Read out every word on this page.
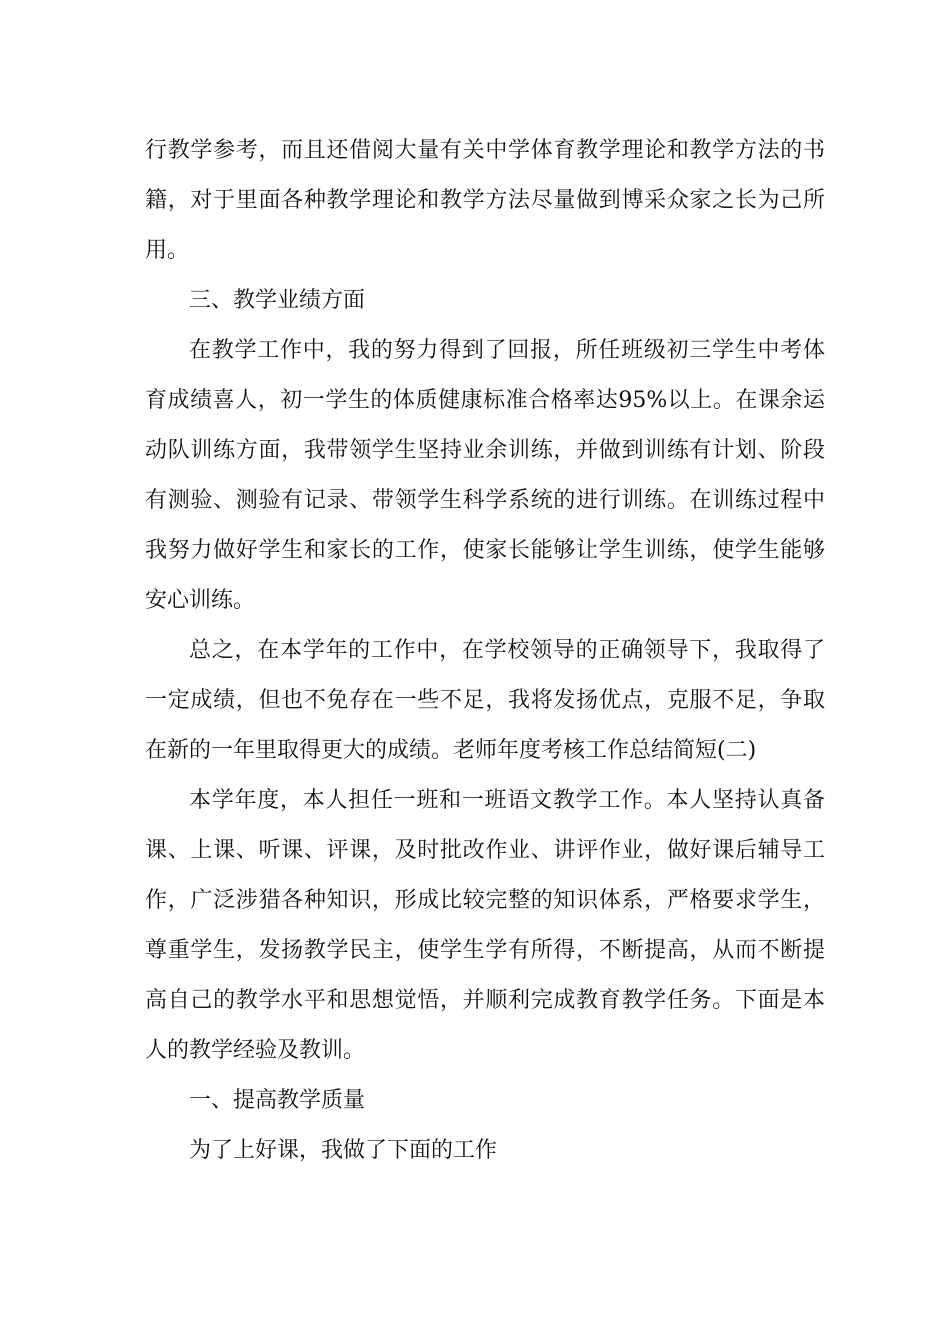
行教学参考，而且还借阅大量有关中学体育教学理论和教学方法的书籍，对于里面各种教学理论和教学方法尽量做到博采众家之长为己所用。

三、教学业绩方面

在教学工作中，我的努力得到了回报，所任班级初三学生中考体育成绩喜人，初一学生的体质健康标准合格率达95%以上。在课余运动队训练方面，我带领学生坚持业余训练，并做到训练有计划、阶段有测验、测验有记录、带领学生科学系统的进行训练。在训练过程中我努力做好学生和家长的工作，使家长能够让学生训练，使学生能够安心训练。

总之，在本学年的工作中，在学校领导的正确领导下，我取得了一定成绩，但也不免存在一些不足，我将发扬优点，克服不足，争取在新的一年里取得更大的成绩。老师年度考核工作总结简短(二)

本学年度，本人担任一班和一班语文教学工作。本人坚持认真备课、上课、听课、评课，及时批改作业、讲评作业，做好课后辅导工作，广泛涉猎各种知识，形成比较完整的知识体系，严格要求学生，尊重学生，发扬教学民主，使学生学有所得，不断提高，从而不断提高自己的教学水平和思想觉悟，并顺利完成教育教学任务。下面是本人的教学经验及教训。

一、提高教学质量

为了上好课，我做了下面的工作
